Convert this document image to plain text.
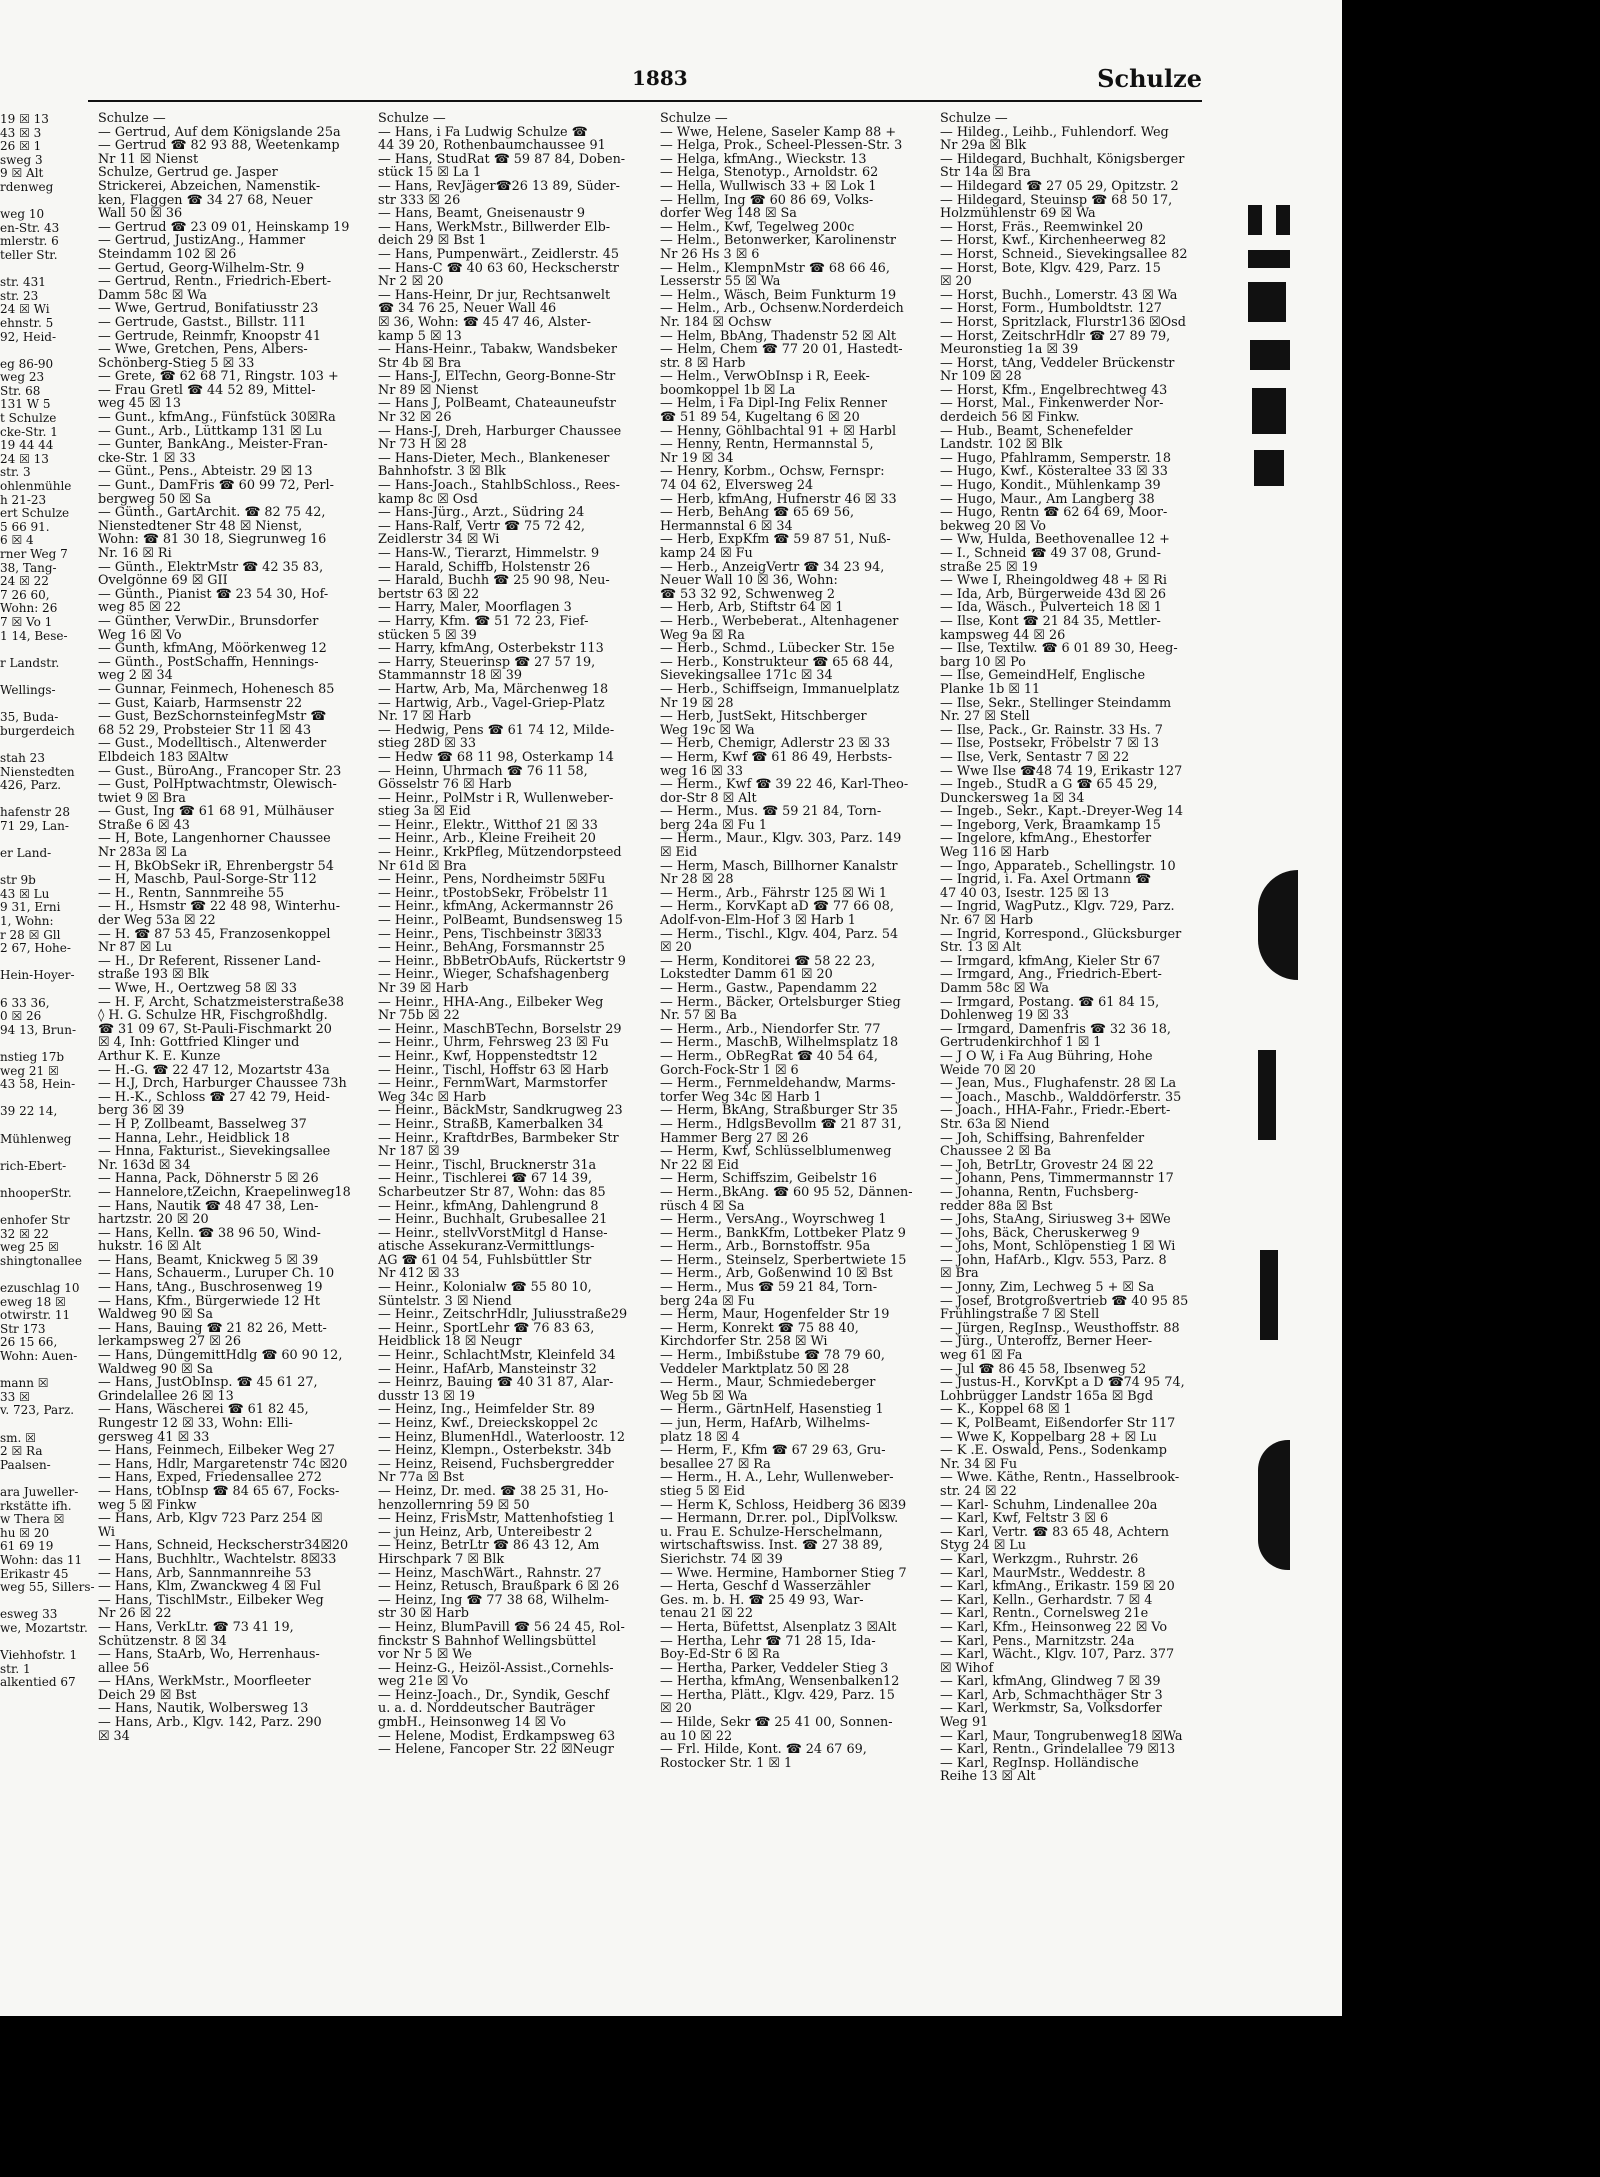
1883	Schulze
19 ☒ 13
43 ☒ 3
26 ☒ 1
sweg 3
9 ☒ Alt
rdenweg
weg 10
en-Str. 43
mlerstr. 6
teller Str.
str. 431
str. 23
24 ☒ Wi
ehnstr. 5
92, Heid-
eg 86-90
weg 23
Str. 68
131 W 5
t Schulze
cke-Str. 1
19 44 44
24 ☒ 13
str. 3
ohlenmühle
h 21-23
ert Schulze
5 66 91.
6 ☒ 4
rner Weg 7
38, Tang-
24 ☒ 22
7 26 60,
Wohn: 26
7 ☒ Vo 1
1 14, Bese-
r Landstr.
Wellings-
35, Buda-
burgerdeich
stah 23
Nienstedten
426, Parz.
hafenstr 28
71 29, Lan-
er Land-
str 9b
43 ☒ Lu
9 31, Erni
1, Wohn:
r 28 ☒ Gll
2 67, Hohe-
Hein-Hoyer-
6 33 36,
0 ☒ 26
94 13, Brun-
nstieg 17b
weg 21 ☒
43 58, Hein-
39 22 14,
Mühlenweg
rich-Ebert-
nhooperStr.
enhofer Str
32 ☒ 22
weg 25 ☒
shingtonallee
ezuschlag 10
eweg 18 ☒
otwirstr. 11
Str 173
26 15 66,
Wohn: Auen-
mann ☒
33 ☒
v. 723, Parz.
sm. ☒
2 ☒ Ra
Paalsen-
ara Juweller-
rkstätte ifh.
w Thera ☒
hu ☒ 20
61 69 19
Wohn: das 11
Erikastr 45
weg 55, Sillers-
esweg 33
we, Mozartstr.
Viehhofstr. 1
str. 1
alkentied 67
Schulze —
— Gertrud, Auf dem Königslande 25a
— Gertrud ☎ 82 93 88, Weetenkamp
Nr 11 ☒ Nienst
Schulze, Gertrud ge. Jasper
Strickerei, Abzeichen, Namenstik-
ken, Flaggen ☎ 34 27 68, Neuer
Wall 50 ☒ 36
— Gertrud ☎ 23 09 01, Heinskamp 19
— Gertrud, JustizAng., Hammer
Steindamm 102 ☒ 26
— Gertud, Georg-Wilhelm-Str. 9
— Gertrud, Rentn., Friedrich-Ebert-
Damm 58c ☒ Wa
— Wwe, Gertrud, Bonifatiusstr 23
— Gertrude, Gastst., Billstr. 111
— Gertrude, Reinmfr, Knoopstr 41
— Wwe, Gretchen, Pens, Albers-
Schönberg-Stieg 5 ☒ 33
— Grete, ☎ 62 68 71, Ringstr. 103 +
— Frau Gretl ☎ 44 52 89, Mittel-
weg 45 ☒ 13
— Gunt., kfmAng., Fünfstück 30☒Ra
— Gunt., Arb., Lüttkamp 131 ☒ Lu
— Gunter, BankAng., Meister-Fran-
cke-Str. 1 ☒ 33
— Günt., Pens., Abteistr. 29 ☒ 13
— Gunt., DamFris ☎ 60 99 72, Perl-
bergweg 50 ☒ Sa
— Günth., GartArchit. ☎ 82 75 42,
Nienstedtener Str 48 ☒ Nienst,
Wohn: ☎ 81 30 18, Siegrunweg 16
Nr. 16 ☒ Ri
— Günth., ElektrMstr ☎ 42 35 83,
Ovelgönne 69 ☒ GII
— Günth., Pianist ☎ 23 54 30, Hof-
weg 85 ☒ 22
— Günther, VerwDir., Brunsdorfer
Weg 16 ☒ Vo
— Gunth, kfmAng, Möörkenweg 12
— Günth., PostSchaffn, Hennings-
weg 2 ☒ 34
— Gunnar, Feinmech, Hohenesch 85
— Gust, Kaiarb, Harmsenstr 22
— Gust, BezSchornsteinfegMstr ☎
68 52 29, Probsteier Str 11 ☒ 43
— Gust., Modelltisch., Altenwerder
Elbdeich 183 ☒Altw
— Gust., BüroAng., Francoper Str. 23
— Gust, PolHptwachtmstr, Olewisch-
twiet 9 ☒ Bra
— Gust, Ing ☎ 61 68 91, Mülhäuser
Straße 6 ☒ 43
— H, Bote, Langenhorner Chaussee
Nr 283a ☒ La
— H, BkObSekr iR, Ehrenbergstr 54
— H, Maschb, Paul-Sorge-Str 112
— H., Rentn, Sannmreihe 55
— H., Hsmstr ☎ 22 48 98, Winterhu-
der Weg 53a ☒ 22
— H. ☎ 87 53 45, Franzosenkoppel
Nr 87 ☒ Lu
— H., Dr Referent, Rissener Land-
straße 193 ☒ Blk
— Wwe, H., Oertzweg 58 ☒ 33
— H. F, Archt, Schatzmeisterstraße38
◊ H. G. Schulze HR, Fischgroßhdlg.
☎ 31 09 67, St-Pauli-Fischmarkt 20
☒ 4, Inh: Gottfried Klinger und
Arthur K. E. Kunze
— H.-G. ☎ 22 47 12, Mozartstr 43a
— H.J, Drch, Harburger Chaussee 73h
— H.-K., Schloss ☎ 27 42 79, Heid-
berg 36 ☒ 39
— H P, Zollbeamt, Basselweg 37
— Hanna, Lehr., Heidblick 18
— Hnna, Fakturist., Sievekingsallee
Nr. 163d ☒ 34
— Hanna, Pack, Döhnerstr 5 ☒ 26
— Hannelore,tZeichn, Kraepelinweg18
— Hans, Nautik ☎ 48 47 38, Len-
hartzstr. 20 ☒ 20
— Hans, Kelln. ☎ 38 96 50, Wind-
hukstr. 16 ☒ Alt
— Hans, Beamt, Knickweg 5 ☒ 39
— Hans, Schauerm., Luruper Ch. 10
— Hans, tAng., Buschrosenweg 19
— Hans, Kfm., Bürgerwiede 12 Ht
Waldweg 90 ☒ Sa
— Hans, Bauing ☎ 21 82 26, Mett-
lerkampsweg 27 ☒ 26
— Hans, DüngemittHdlg ☎ 60 90 12,
Waldweg 90 ☒ Sa
— Hans, JustObInsp. ☎ 45 61 27,
Grindelallee 26 ☒ 13
— Hans, Wäscherei ☎ 61 82 45,
Rungestr 12 ☒ 33, Wohn: Elli-
gersweg 41 ☒ 33
— Hans, Feinmech, Eilbeker Weg 27
— Hans, Hdlr, Margaretenstr 74c ☒20
— Hans, Exped, Friedensallee 272
— Hans, tObInsp ☎ 84 65 67, Focks-
weg 5 ☒ Finkw
— Hans, Arb, Klgv 723 Parz 254 ☒
Wi
— Hans, Schneid, Heckscherstr34☒20
— Hans, Buchhltr., Wachtelstr. 8☒33
— Hans, Arb, Sannmannreihe 53
— Hans, Klm, Zwanckweg 4 ☒ Ful
— Hans, TischlMstr., Eilbeker Weg
Nr 26 ☒ 22
— Hans, VerkLtr. ☎ 73 41 19,
Schützenstr. 8 ☒ 34
— Hans, StaArb, Wo, Herrenhaus-
allee 56
— HAns, WerkMstr., Moorfleeter
Deich 29 ☒ Bst
— Hans, Nautik, Wolbersweg 13
— Hans, Arb., Klgv. 142, Parz. 290
☒ 34
Schulze —
— Hans, i Fa Ludwig Schulze ☎
44 39 20, Rothenbaumchaussee 91
— Hans, StudRat ☎ 59 87 84, Doben-
stück 15 ☒ La 1
— Hans, RevJäger☎26 13 89, Süder-
str 333 ☒ 26
— Hans, Beamt, Gneisenaustr 9
— Hans, WerkMstr., Billwerder Elb-
deich 29 ☒ Bst 1
— Hans, Pumpenwärt., Zeidlerstr. 45
— Hans-C ☎ 40 63 60, Heckscherstr
Nr 2 ☒ 20
— Hans-Heinr, Dr jur, Rechtsanwelt
☎ 34 76 25, Neuer Wall 46
☒ 36, Wohn: ☎ 45 47 46, Alster-
kamp 5 ☒ 13
— Hans-Heinr., Tabakw, Wandsbeker
Str 4b ☒ Bra
— Hans-J, ElTechn, Georg-Bonne-Str
Nr 89 ☒ Nienst
— Hans J, PolBeamt, Chateauneufstr
Nr 32 ☒ 26
— Hans-J, Dreh, Harburger Chaussee
Nr 73 H ☒ 28
— Hans-Dieter, Mech., Blankeneser
Bahnhofstr. 3 ☒ Blk
— Hans-Joach., StahlbSchloss., Rees-
kamp 8c ☒ Osd
— Hans-Jürg., Arzt., Südring 24
— Hans-Ralf, Vertr ☎ 75 72 42,
Zeidlerstr 34 ☒ Wi
— Hans-W., Tierarzt, Himmelstr. 9
— Harald, Schiffb, Holstenstr 26
— Harald, Buchh ☎ 25 90 98, Neu-
bertstr 63 ☒ 22
— Harry, Maler, Moorflagen 3
— Harry, Kfm. ☎ 51 72 23, Fief-
stücken 5 ☒ 39
— Harry, kfmAng, Osterbekstr 113
— Harry, Steuerinsp ☎ 27 57 19,
Stammannstr 18 ☒ 39
— Hartw, Arb, Ma, Märchenweg 18
— Hartwig, Arb., Vagel-Griep-Platz
Nr. 17 ☒ Harb
— Hedwig, Pens ☎ 61 74 12, Milde-
stieg 28D ☒ 33
— Hedw ☎ 68 11 98, Osterkamp 14
— Heinn, Uhrmach ☎ 76 11 58,
Gösselstr 76 ☒ Harb
— Heinr., PolMstr i R, Wullenweber-
stieg 3a ☒ Eid
— Heinr., Elektr., Witthof 21 ☒ 33
— Heinr., Arb., Kleine Freiheit 20
— Heinr., KrkPfleg, Mützendorpsteed
Nr 61d ☒ Bra
— Heinr., Pens, Nordheimstr 5☒Fu
— Heinr., tPostobSekr, Fröbelstr 11
— Heinr., kfmAng, Ackermannstr 26
— Heinr., PolBeamt, Bundsensweg 15
— Heinr., Pens, Tischbeinstr 3☒33
— Heinr., BehAng, Forsmannstr 25
— Heinr., BbBetrObAufs, Rückertstr 9
— Heinr., Wieger, Schafshagenberg
Nr 39 ☒ Harb
— Heinr., HHA-Ang., Eilbeker Weg
Nr 75b ☒ 22
— Heinr., MaschBTechn, Borselstr 29
— Heinr., Uhrm, Fehrsweg 23 ☒ Fu
— Heinr., Kwf, Hoppenstedtstr 12
— Heinr., Tischl, Hoffstr 63 ☒ Harb
— Heinr., FernmWart, Marmstorfer
Weg 34c ☒ Harb
— Heinr., BäckMstr, Sandkrugweg 23
— Heinr., StraßB, Kamerbalken 34
— Heinr., KraftdrBes, Barmbeker Str
Nr 187 ☒ 39
— Heinr., Tischl, Brucknerstr 31a
— Heinr., Tischlerei ☎ 67 14 39,
Scharbeutzer Str 87, Wohn: das 85
— Heinr., kfmAng, Dahlengrund 8
— Heinr., Buchhalt, Grubesallee 21
— Heinr., stellvVorstMitgl d Hanse-
atische Assekuranz-Vermittlungs-
AG ☎ 61 04 54, Fuhlsbüttler Str
Nr 412 ☒ 33
— Heinr., Kolonialw ☎ 55 80 10,
Süntelstr. 3 ☒ Niend
— Heinr., ZeitschrHdlr, Juliusstraße29
— Heinr., SportLehr ☎ 76 83 63,
Heidblick 18 ☒ Neugr
— Heinr., SchlachtMstr, Kleinfeld 34
— Heinr., HafArb, Mansteinstr 32
— Heinrz, Bauing ☎ 40 31 87, Alar-
dusstr 13 ☒ 19
— Heinz, Ing., Heimfelder Str. 89
— Heinz, Kwf., Dreieckskoppel 2c
— Heinz, BlumenHdl., Waterloostr. 12
— Heinz, Klempn., Osterbekstr. 34b
— Heinz, Reisend, Fuchsbergredder
Nr 77a ☒ Bst
— Heinz, Dr. med. ☎ 38 25 31, Ho-
henzollernring 59 ☒ 50
— Heinz, FrisMstr, Mattenhofstieg 1
— jun Heinz, Arb, Untereibestr 2
— Heinz, BetrLtr ☎ 86 43 12, Am
Hirschpark 7 ☒ Blk
— Heinz, MaschWärt., Rahnstr. 27
— Heinz, Retusch, Braußpark 6 ☒ 26
— Heinz, Ing ☎ 77 38 68, Wilhelm-
str 30 ☒ Harb
— Heinz, BlumPavill ☎ 56 24 45, Rol-
finckstr S Bahnhof Wellingsbüttel
vor Nr 5 ☒ We
— Heinz-G., Heizöl-Assist.,Cornehls-
weg 21e ☒ Vo
— Heinz-Joach., Dr., Syndik, Geschf
u. a. d. Norddeutscher Bauträger
gmbH., Heinsonweg 14 ☒ Vo
— Helene, Modist, Erdkampsweg 63
— Helene, Fancoper Str. 22 ☒Neugr
Schulze —
— Wwe, Helene, Saseler Kamp 88 +
— Helga, Prok., Scheel-Plessen-Str. 3
— Helga, kfmAng., Wieckstr. 13
— Helga, Stenotyp., Arnoldstr. 62
— Hella, Wullwisch 33 + ☒ Lok 1
— Hellm, Ing ☎ 60 86 69, Volks-
dorfer Weg 148 ☒ Sa
— Helm., Kwf, Tegelweg 200c
— Helm., Betonwerker, Karolinenstr
Nr 26 Hs 3 ☒ 6
— Helm., KlempnMstr ☎ 68 66 46,
Lesserstr 55 ☒ Wa
— Helm., Wäsch, Beim Funkturm 19
— Helm., Arb., Ochsenw.Norderdeich
Nr. 184 ☒ Ochsw
— Helm, BbAng, Thadenstr 52 ☒ Alt
— Helm, Chem ☎ 77 20 01, Hastedt-
str. 8 ☒ Harb
— Helm., VerwObInsp i R, Eeek-
boomkoppel 1b ☒ La
— Helm, i Fa Dipl-Ing Felix Renner
☎ 51 89 54, Kugeltang 6 ☒ 20
— Henny, Göhlbachtal 91 + ☒ Harbl
— Henny, Rentn, Hermannstal 5,
Nr 19 ☒ 34
— Henry, Korbm., Ochsw, Fernspr:
74 04 62, Elversweg 24
— Herb, kfmAng, Hufnerstr 46 ☒ 33
— Herb, BehAng ☎ 65 69 56,
Hermannstal 6 ☒ 34
— Herb, ExpKfm ☎ 59 87 51, Nuß-
kamp 24 ☒ Fu
— Herb., AnzeigVertr ☎ 34 23 94,
Neuer Wall 10 ☒ 36, Wohn:
☎ 53 32 92, Schwenweg 2
— Herb, Arb, Stiftstr 64 ☒ 1
— Herb., Werbeberat., Altenhagener
Weg 9a ☒ Ra
— Herb., Schmd., Lübecker Str. 15e
— Herb., Konstrukteur ☎ 65 68 44,
Sievekingsallee 171c ☒ 34
— Herb., Schiffseign, Immanuelplatz
Nr 19 ☒ 28
— Herb, JustSekt, Hitschberger
Weg 19c ☒ Wa
— Herb, Chemigr, Adlerstr 23 ☒ 33
— Herm, Kwf ☎ 61 86 49, Herbsts-
weg 16 ☒ 33
— Herm., Kwf ☎ 39 22 46, Karl-Theo-
dor-Str 8 ☒ Alt
— Herm., Mus. ☎ 59 21 84, Torn-
berg 24a ☒ Fu 1
— Herm., Maur., Klgv. 303, Parz. 149
☒ Eid
— Herm, Masch, Billhorner Kanalstr
Nr 28 ☒ 28
— Herm., Arb., Fährstr 125 ☒ Wi 1
— Herm., KorvKapt aD ☎ 77 66 08,
Adolf-von-Elm-Hof 3 ☒ Harb 1
— Herm., Tischl., Klgv. 404, Parz. 54
☒ 20
— Herm, Konditorei ☎ 58 22 23,
Lokstedter Damm 61 ☒ 20
— Herm., Gastw., Papendamm 22
— Herm., Bäcker, Ortelsburger Stieg
Nr. 57 ☒ Ba
— Herm., Arb., Niendorfer Str. 77
— Herm., MaschB, Wilhelmsplatz 18
— Herm., ObRegRat ☎ 40 54 64,
Gorch-Fock-Str 1 ☒ 6
— Herm., Fernmeldehandw, Marms-
torfer Weg 34c ☒ Harb 1
— Herm, BkAng, Straßburger Str 35
— Herm., HdlgsBevollm ☎ 21 87 31,
Hammer Berg 27 ☒ 26
— Herm, Kwf, Schlüsselblumenweg
Nr 22 ☒ Eid
— Herm, Schiffszim, Geibelstr 16
— Herm.,BkAng. ☎ 60 95 52, Dännen-
rüsch 4 ☒ Sa
— Herm., VersAng., Woyrschweg 1
— Herm., BankKfm, Lottbeker Platz 9
— Herm., Arb., Bornstoffstr. 95a
— Herm., Steinselz, Sperbertwiete 15
— Herm., Arb, Goßenwind 10 ☒ Bst
— Herm., Mus ☎ 59 21 84, Torn-
berg 24a ☒ Fu
— Herm, Maur, Hogenfelder Str 19
— Herm, Konrekt ☎ 75 88 40,
Kirchdorfer Str. 258 ☒ Wi
— Herm., Imbißstube ☎ 78 79 60,
Veddeler Marktplatz 50 ☒ 28
— Herm., Maur, Schmiedeberger
Weg 5b ☒ Wa
— Herm., GärtnHelf, Hasenstieg 1
— jun, Herm, HafArb, Wilhelms-
platz 18 ☒ 4
— Herm, F., Kfm ☎ 67 29 63, Gru-
besallee 27 ☒ Ra
— Herm., H. A., Lehr, Wullenweber-
stieg 5 ☒ Eid
— Herm K, Schloss, Heidberg 36 ☒39
— Hermann, Dr.rer. pol., DiplVolksw.
u. Frau E. Schulze-Herschelmann,
wirtschaftswiss. Inst. ☎ 27 38 89,
Sierichstr. 74 ☒ 39
— Wwe. Hermine, Hamborner Stieg 7
— Herta, Geschf d Wasserzähler
Ges. m. b. H. ☎ 25 49 93, War-
tenau 21 ☒ 22
— Herta, Büfettst, Alsenplatz 3 ☒Alt
— Hertha, Lehr ☎ 71 28 15, Ida-
Boy-Ed-Str 6 ☒ Ra
— Hertha, Parker, Veddeler Stieg 3
— Hertha, kfmAng, Wensenbalken12
— Hertha, Plätt., Klgv. 429, Parz. 15
☒ 20
— Hilde, Sekr ☎ 25 41 00, Sonnen-
au 10 ☒ 22
— Frl. Hilde, Kont. ☎ 24 67 69,
Rostocker Str. 1 ☒ 1
Schulze —
— Hildeg., Leihb., Fuhlendorf. Weg
Nr 29a ☒ Blk
— Hildegard, Buchhalt, Königsberger
Str 14a ☒ Bra
— Hildegard ☎ 27 05 29, Opitzstr. 2
— Hildegard, Steuinsp ☎ 68 50 17,
Holzmühlenstr 69 ☒ Wa
— Horst, Fräs., Reemwinkel 20
— Horst, Kwf., Kirchenheerweg 82
— Horst, Schneid., Sievekingsallee 82
— Horst, Bote, Klgv. 429, Parz. 15
☒ 20
— Horst, Buchh., Lomerstr. 43 ☒ Wa
— Horst, Form., Humboldtstr. 127
— Horst, Spritzlack, Flurstr136 ☒Osd
— Horst, ZeitschrHdlr ☎ 27 89 79,
Meuronstieg 1a ☒ 39
— Horst, tAng, Veddeler Brückenstr
Nr 109 ☒ 28
— Horst, Kfm., Engelbrechtweg 43
— Horst, Mal., Finkenwerder Nor-
derdeich 56 ☒ Finkw.
— Hub., Beamt, Schenefelder
Landstr. 102 ☒ Blk
— Hugo, Pfahlramm, Semperstr. 18
— Hugo, Kwf., Kösteraltee 33 ☒ 33
— Hugo, Kondit., Mühlenkamp 39
— Hugo, Maur., Am Langberg 38
— Hugo, Rentn ☎ 62 64 69, Moor-
bekweg 20 ☒ Vo
— Ww, Hulda, Beethovenallee 12 +
— I., Schneid ☎ 49 37 08, Grund-
straße 25 ☒ 19
— Wwe I, Rheingoldweg 48 + ☒ Ri
— Ida, Arb, Bürgerweide 43d ☒ 26
— Ida, Wäsch., Pulverteich 18 ☒ 1
— Ilse, Kont ☎ 21 84 35, Mettler-
kampsweg 44 ☒ 26
— Ilse, Textilw. ☎ 6 01 89 30, Heeg-
barg 10 ☒ Po
— Ilse, GemeindHelf, Englische
Planke 1b ☒ 11
— Ilse, Sekr., Stellinger Steindamm
Nr. 27 ☒ Stell
— Ilse, Pack., Gr. Rainstr. 33 Hs. 7
— Ilse, Postsekr, Fröbelstr 7 ☒ 13
— Ilse, Verk, Sentastr 7 ☒ 22
— Wwe Ilse ☎48 74 19, Erikastr 127
— Ingeb., StudR a G ☎ 65 45 29,
Dunckersweg 1a ☒ 34
— Ingeb., Sekr., Kapt.-Dreyer-Weg 14
— Ingeborg, Verk, Braamkamp 15
— Ingelore, kfmAng., Ehestorfer
Weg 116 ☒ Harb
— Ingo, Apparateb., Schellingstr. 10
— Ingrid, i. Fa. Axel Ortmann ☎
47 40 03, Isestr. 125 ☒ 13
— Ingrid, WagPutz., Klgv. 729, Parz.
Nr. 67 ☒ Harb
— Ingrid, Korrespond., Glücksburger
Str. 13 ☒ Alt
— Irmgard, kfmAng, Kieler Str 67
— Irmgard, Ang., Friedrich-Ebert-
Damm 58c ☒ Wa
— Irmgard, Postang. ☎ 61 84 15,
Dohlenweg 19 ☒ 33
— Irmgard, Damenfris ☎ 32 36 18,
Gertrudenkirchhof 1 ☒ 1
— J O W, i Fa Aug Bühring, Hohe
Weide 70 ☒ 20
— Jean, Mus., Flughafenstr. 28 ☒ La
— Joach., Maschb., Walddörferstr. 35
— Joach., HHA-Fahr., Friedr.-Ebert-
Str. 63a ☒ Niend
— Joh, Schiffsing, Bahrenfelder
Chaussee 2 ☒ Ba
— Joh, BetrLtr, Grovestr 24 ☒ 22
— Johann, Pens, Timmermannstr 17
— Johanna, Rentn, Fuchsberg-
redder 88a ☒ Bst
— Johs, StaAng, Siriusweg 3+ ☒We
— Johs, Bäck, Cheruskerweg 9
— Johs, Mont, Schlöpenstieg 1 ☒ Wi
— John, HafArb., Klgv. 553, Parz. 8
☒ Bra
— Jonny, Zim, Lechweg 5 + ☒ Sa
— Josef, Brotgroßvertrieb ☎ 40 95 85
Frühlingstraße 7 ☒ Stell
— Jürgen, RegInsp., Weusthoffstr. 88
— Jürg., Unteroffz, Berner Heer-
weg 61 ☒ Fa
— Jul ☎ 86 45 58, Ibsenweg 52
— Justus-H., KorvKpt a D ☎74 95 74,
Lohbrügger Landstr 165a ☒ Bgd
— K., Koppel 68 ☒ 1
— K, PolBeamt, Eißendorfer Str 117
— Wwe K, Koppelbarg 28 + ☒ Lu
— K .E. Oswald, Pens., Sodenkamp
Nr. 34 ☒ Fu
— Wwe. Käthe, Rentn., Hasselbrook-
str. 24 ☒ 22
— Karl- Schuhm, Lindenallee 20a
— Karl, Kwf, Feltstr 3 ☒ 6
— Karl, Vertr. ☎ 83 65 48, Achtern
Styg 24 ☒ Lu
— Karl, Werkzgm., Ruhrstr. 26
— Karl, MaurMstr., Weddestr. 8
— Karl, kfmAng., Erikastr. 159 ☒ 20
— Karl, Kelln., Gerhardstr. 7 ☒ 4
— Karl, Rentn., Cornelsweg 21e
— Karl, Kfm., Heinsonweg 22 ☒ Vo
— Karl, Pens., Marnitzstr. 24a
— Karl, Wächt., Klgv. 107, Parz. 377
☒ Wihof
— Karl, kfmAng, Glindweg 7 ☒ 39
— Karl, Arb, Schmachthäger Str 3
— Karl, Werkmstr, Sa, Volksdorfer
Weg 91
— Karl, Maur, Tongrubenweg18 ☒Wa
— Karl, Rentn., Grindelallee 79 ☒13
— Karl, RegInsp. Holländische
Reihe 13 ☒ Alt
